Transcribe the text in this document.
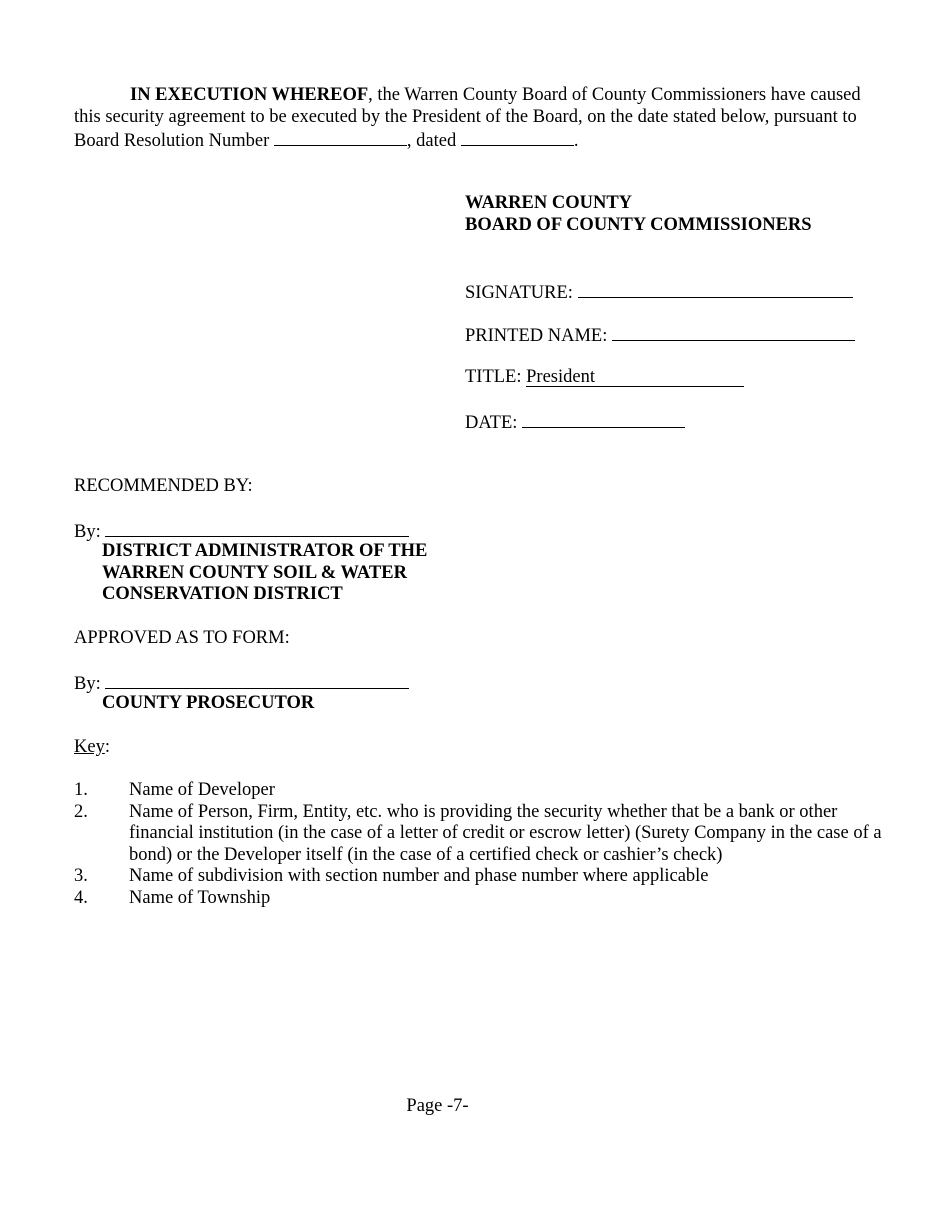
IN EXECUTION WHEREOF, the Warren County Board of County Commissioners have caused this security agreement to be executed by the President of the Board, on the date stated below, pursuant to Board Resolution Number	, dated	.
WARREN COUNTY
BOARD OF COUNTY COMMISSIONERS
SIGNATURE:
PRINTED NAME:
TITLE: President
DATE:
RECOMMENDED BY:
By:
DISTRICT ADMINISTRATOR OF THE
WARREN COUNTY SOIL & WATER
CONSERVATION DISTRICT
APPROVED AS TO FORM:
By:
COUNTY PROSECUTOR
Key:
1. Name of Developer
2. Name of Person, Firm, Entity, etc. who is providing the security whether that be a bank or other financial institution (in the case of a letter of credit or escrow letter) (Surety Company in the case of a bond) or the Developer itself (in the case of a certified check or cashier’s check)
3. Name of subdivision with section number and phase number where applicable
4. Name of Township
Page -7-
